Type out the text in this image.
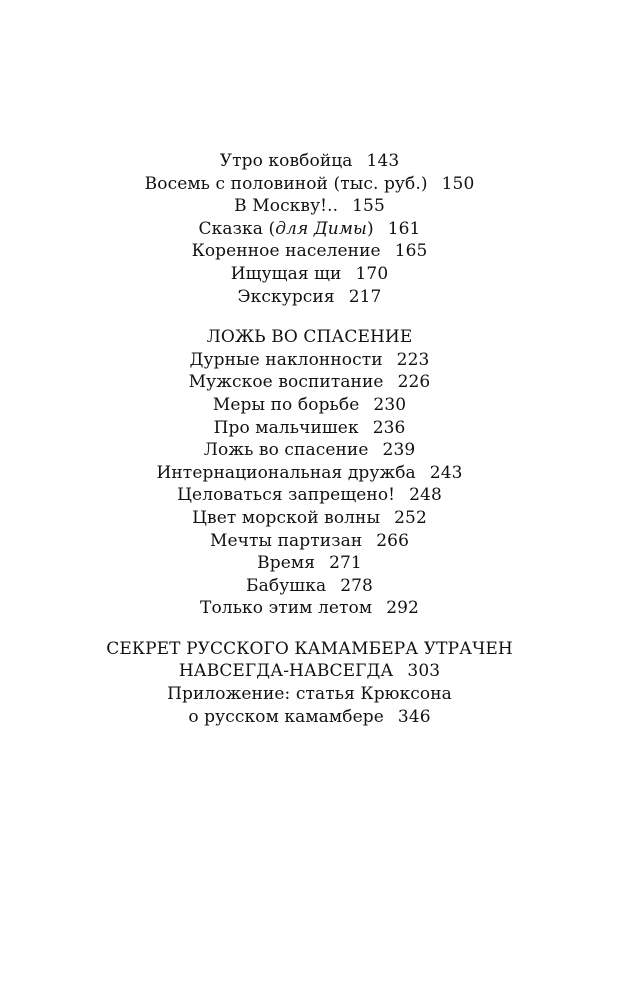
Утро ковбойца 143
Восемь с половиной (тыс. руб.) 150
В Москву!.. 155
Сказка (для Димы) 161
Коренное население 165
Ищущая щи 170
Экскурсия 217
ЛОЖЬ ВО СПАСЕНИЕ
Дурные наклонности 223
Мужское воспитание 226
Меры по борьбе 230
Про мальчишек 236
Ложь во спасение 239
Интернациональная дружба 243
Целоваться запрещено! 248
Цвет морской волны 252
Мечты партизан 266
Время 271
Бабушка 278
Только этим летом 292
СЕКРЕТ РУССКОГО КАМАМБЕРА УТРАЧЕН
НАВСЕГДА-НАВСЕГДА 303
Приложение: статья Крюксона
о русском камамбере 346
